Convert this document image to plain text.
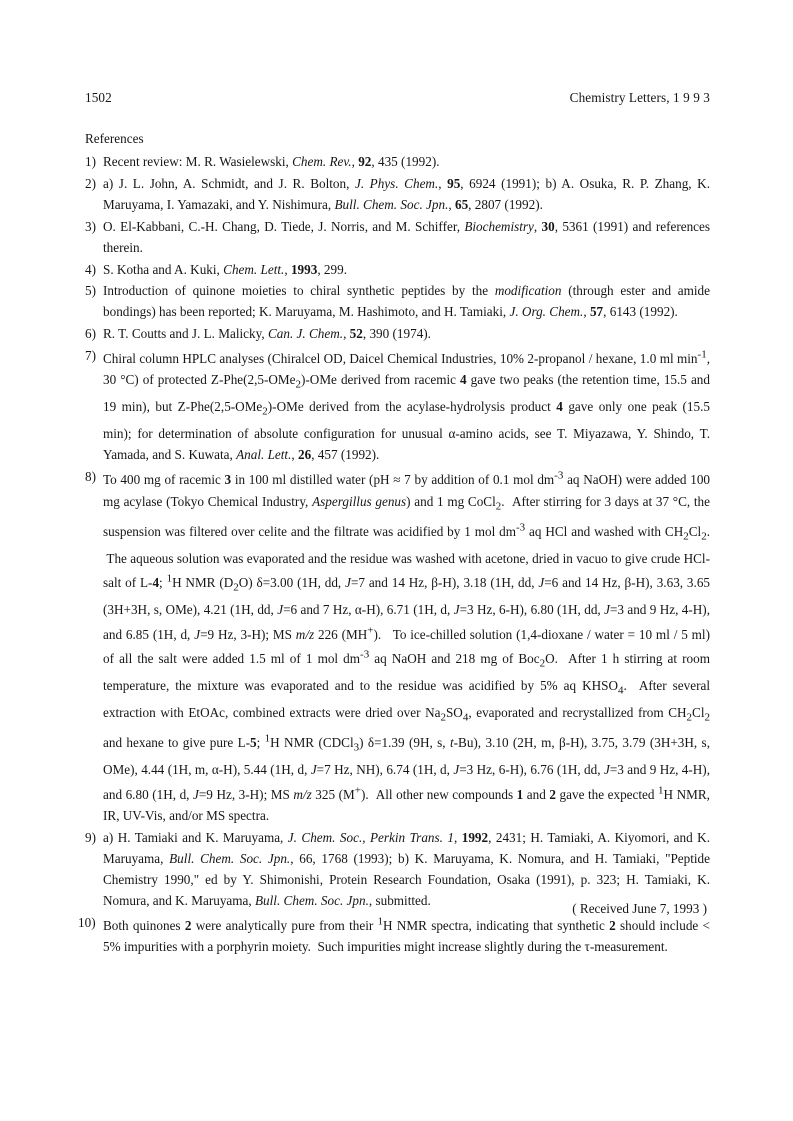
1502	Chemistry Letters, 1 9 9 3
References
1) Recent review: M. R. Wasielewski, Chem. Rev., 92, 435 (1992).
2) a) J. L. John, A. Schmidt, and J. R. Bolton, J. Phys. Chem., 95, 6924 (1991); b) A. Osuka, R. P. Zhang, K. Maruyama, I. Yamazaki, and Y. Nishimura, Bull. Chem. Soc. Jpn., 65, 2807 (1992).
3) O. El-Kabbani, C.-H. Chang, D. Tiede, J. Norris, and M. Schiffer, Biochemistry, 30, 5361 (1991) and references therein.
4) S. Kotha and A. Kuki, Chem. Lett., 1993, 299.
5) Introduction of quinone moieties to chiral synthetic peptides by the modification (through ester and amide bondings) has been reported; K. Maruyama, M. Hashimoto, and H. Tamiaki, J. Org. Chem., 57, 6143 (1992).
6) R. T. Coutts and J. L. Malicky, Can. J. Chem., 52, 390 (1974).
7) Chiral column HPLC analyses (Chiralcel OD, Daicel Chemical Industries, 10% 2-propanol / hexane, 1.0 ml $\min^{-1}$, 30 °C) of protected Z-Phe(2,5-OMe$_2$)-OMe derived from racemic 4 gave two peaks (the retention time, 15.5 and 19 min), but Z-Phe(2,5-OMe$_2$)-OMe derived from the acylase-hydrolysis product 4 gave only one peak (15.5 min); for determination of absolute configuration for unusual α-amino acids, see T. Miyazawa, Y. Shindo, T. Yamada, and S. Kuwata, Anal. Lett., 26, 457 (1992).
8) To 400 mg of racemic 3 in 100 ml distilled water (pH ≈ 7 by addition of 0.1 mol $dm^{-3}$ aq NaOH) were added 100 mg acylase (Tokyo Chemical Industry, Aspergillus genus) and 1 mg CoCl$_2$.  After stirring for 3 days at 37 °C, the suspension was filtered over celite and the filtrate was acidified by 1 mol $dm^{-3}$ aq HCl and washed with $CH_2Cl_2$.  The aqueous solution was evaporated and the residue was washed with acetone, dried in vacuo to give crude HCl-salt of L-4; $^1$H NMR $(D_2O)$ δ=3.00 (1H, dd, J=7 and 14 Hz, β-H), 3.18 (1H, dd, J=6 and 14 Hz, β-H), 3.63, 3.65 (3H+3H, s, OMe), 4.21 (1H, dd, J=6 and 7 Hz, α-H), 6.71 (1H, d, J=3 Hz, 6-H), 6.80 (1H, dd, J=3 and 9 Hz, 4-H), and 6.85 (1H, d, J=9 Hz, 3-H); MS m/z 226 (MH+).   To ice-chilled solution (1,4-dioxane / water = 10 ml / 5 ml) of all the salt were added 1.5 ml of 1 mol $dm^{-3}$ aq NaOH and 218 mg of Boc$_2$O.  After 1 h stirring at room temperature, the mixture was evaporated and to the residue was acidified by 5% aq $KHSO_4$.  After several extraction with EtOAc, combined extracts were dried over $Na_2SO_4$, evaporated and recrystallized from $CH_2Cl_2$ and hexane to give pure L-5; $^1$H NMR (CDCl$_3$) δ=1.39 (9H, s, t-Bu), 3.10 (2H, m, β-H), 3.75, 3.79 (3H+3H, s, OMe), 4.44 (1H, m, α-H), 5.44 (1H, d, J=7 Hz, NH), 6.74 (1H, d, J=3 Hz, 6-H), 6.76 (1H, dd, J=3 and 9 Hz, 4-H), and 6.80 (1H, d, J=9 Hz, 3-H); MS m/z 325 (M+).  All other new compounds 1 and 2 gave the expected $^1$H NMR, IR, UV-Vis, and/or MS spectra.
9) a) H. Tamiaki and K. Maruyama, J. Chem. Soc., Perkin Trans. 1, 1992, 2431; H. Tamiaki, A. Kiyomori, and K. Maruyama, Bull. Chem. Soc. Jpn., 66, 1768 (1993); b) K. Maruyama, K. Nomura, and H. Tamiaki, "Peptide Chemistry 1990," ed by Y. Shimonishi, Protein Research Foundation, Osaka (1991), p. 323; H. Tamiaki, K. Nomura, and K. Maruyama, Bull. Chem. Soc. Jpn., submitted.
10) Both quinones 2 were analytically pure from their $^1$H NMR spectra, indicating that synthetic 2 should include < 5% impurities with a porphyrin moiety.  Such impurities might increase slightly during the τ-measurement.
( Received June 7, 1993 )
